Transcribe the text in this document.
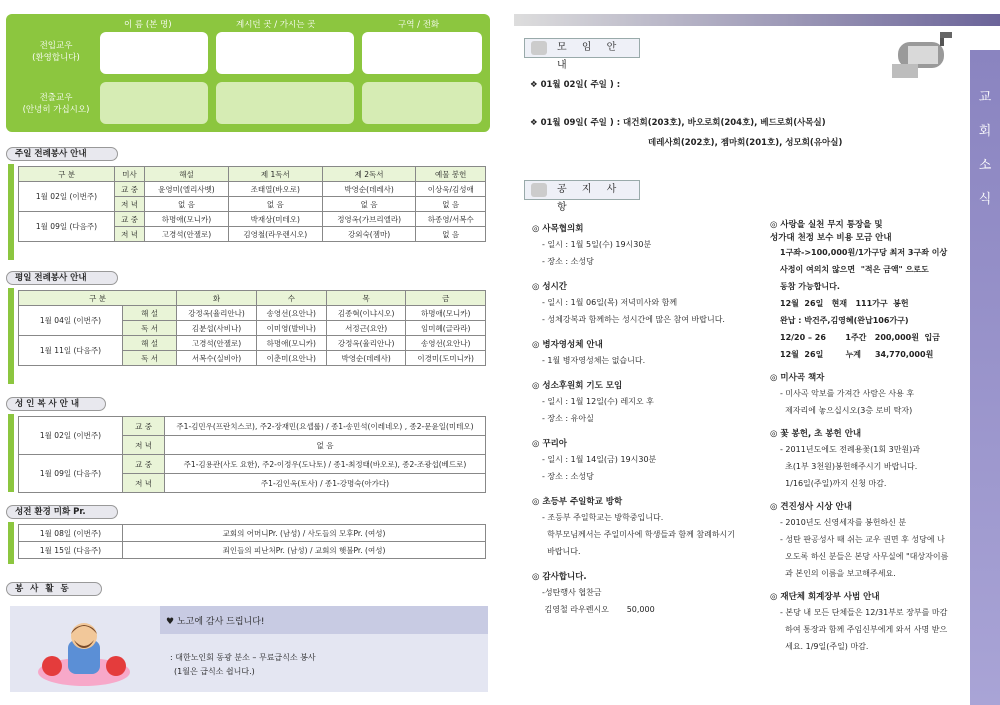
이 름 (본 명)	계시던 곳 / 가시는 곳	구역 / 전화
전입교우
(환영합니다)
전출교우
(안녕히 가십시오)
주일 전례봉사 안내
구 분	미사	해설	제 1독서	제 2독서	예물 봉헌
1월 02일 (이번주)	교 중	윤영미(엘리사벳)	조태열(바오로)	박영순(데레사)	이상욱/김성애
	저 녁	없 음	없 음	없 음	없 음
1월 09일 (다음주)	교 중	하명애(모니카)	박재상(미테오)	정영옥(가브리엘라)	하종영/서복수
	저 녁	고경석(안젤로)	김영철(라우렌시오)	강외숙(젬마)	없 음
평일 전례봉사 안내
구 분		화	수	목	금
1월 04일 (이번주)	해 설	강정옥(율리안나)	송영선(요안나)	김종혁(이냐시오)	하명애(모니카)
	독 서	김분섭(사비나)	이미영(발비나)	서정근(요안)	임미혜(글라라)
1월 11일 (다음주)	해 설	고경석(안젤로)	하명애(모니카)	강정옥(율리안나)	송영선(요안나)
	독 서	서복수(실비아)	이춘미(요안나)	박영순(데레사)	이경미(도미니카)
성 인 복 사 안 내
1월 02일 (이번주)	교 중	주1-김민우(프란치스코), 주2-장재민(요셉룹) / 종1-송민석(이레네오) , 종2-문윤일(미테오)
	저 녁	없 음
1월 09일 (다음주)	교 중	주1-김용관(사도 요한), 주2-이정우(도나토) / 종1-최정태(바오로), 종2-조광섭(베드로)
	저 녁	주1-김인옥(토사) / 종1-강명숙(아가다)
성전 환경 미화 Pr.
1월 08일 (이번주)	교회의 어머니Pr. (남성) / 사도들의 모후Pr. (여성)
1월 15일 (다음주)	죄인들의 피난처Pr. (남성) / 교회의 햇불Pr. (여성)
봉 사 활 동
♥ 노고에 감사 드립니다!
: 대한노인회 동광 분소 – 무료급식소 봉사
(1월은 급식소 쉽니다.)
교
회
소
식
모 임 안 내
❖ 01월 02일( 주일 ) :
❖ 01월 09일( 주일 ) : 대건회(203호), 바오로회(204호), 베드로회(사목실)
데레사회(202호), 젬마회(201호), 성모회(유아실)
공 지 사 항
◎ 사목협의회
- 일시 : 1월 5일(수) 19시30분
- 장소 : 소성당
◎ 성시간
- 일시 : 1월 06일(목) 저녁미사와 함께
- 성체강복과 함께하는 성시간에 많은 참여 바랍니다.
◎ 병자영성체 안내
- 1월 병자영성체는 없습니다.
◎ 성소후원회 기도 모임
- 일시 : 1월 12일(수) 레지오 후
- 장소 : 유아실
◎ 꾸리아
- 일시 : 1월 14일(금) 19시30분
- 장소 : 소성당
◎ 초등부 주일학교 방학
- 조등부 주일학교는 방학중입니다.
학부모님께서는 주일미사에 학생들과 함께 참례하시기
바랍니다.
◎ 감사합니다.
-성탄행사 협찬금
김영철 라우렌시오       50,000
◎ 사랑을 실천 무지 통장을 및
성가대 천정 보수 비용 모금 안내
1구좌->100,000원/1가구당 최저 3구좌 이상
사정이 여의치 않으면  "적은 금액" 으로도
동참 가능합니다.
12월  26일   현재   111가구  봉헌
완납 : 박건주,김영혜(완납106가구)
12/20 – 26       1주간   200,000원  입금
12월  26일        누계     34,770,000원
◎ 미사곡 책자
- 미사곡 악보를 가져간 사람은 사용 후
제자리에 놓으십시오(3층 로비 탁자)
◎ 꽃 봉헌, 초 봉헌 안내
- 2011년도에도 전례용꽃(1회 3만원)과
초(1부 3천원)봉헌해주시기 바랍니다.
1/16일(주일)까지 신청 마감.
◎ 견진성사 시상 안내
- 2010년도 신영세자를 봉헌하신 분
- 성탄 판공성사 때 쉬는 교우 권면 후 성당에 나
오도록 하신 분들은 본당 사무실에 "대상자이름
과 본인의 이름을 보고해주세요.
◎ 재단체 회계장부 사범 안내
- 본당 내 모든 단체들은 12/31부로 장부를 마감
하여 통장과 함께 주임신부에게 와서 사명 받으
세요. 1/9일(주일) 마감.
